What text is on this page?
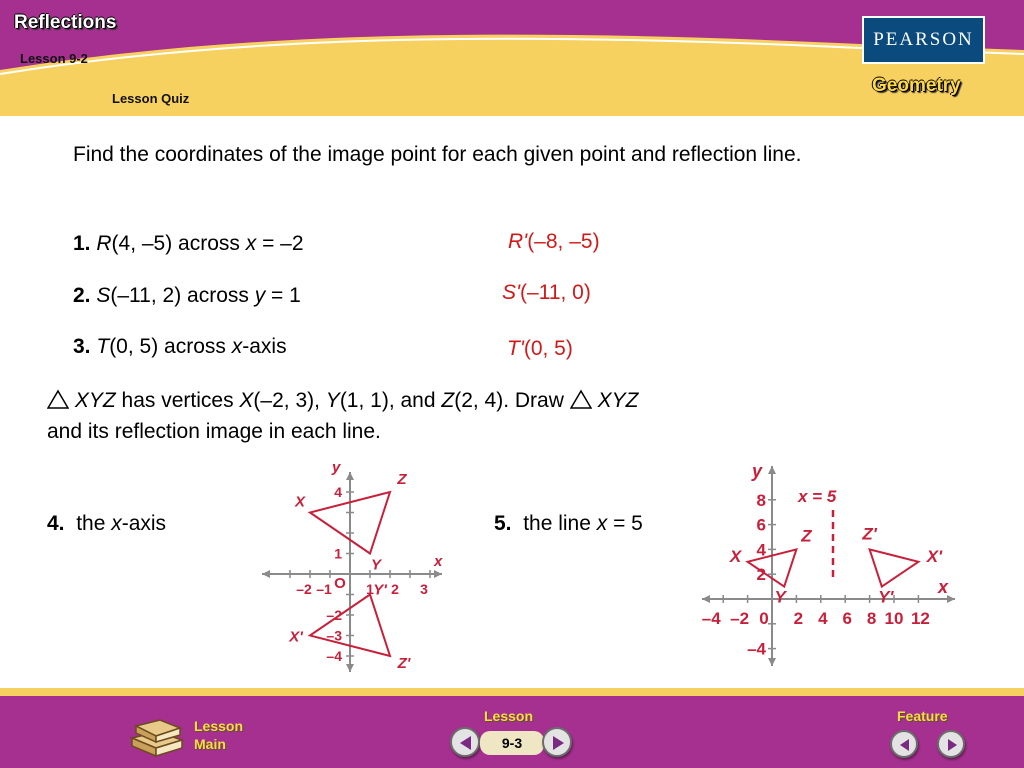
Reflections
Lesson 9-2
Lesson Quiz
PEARSON
Geometry
Find the coordinates of the image point for each given point and reflection line.
1. R(4, –5) across x = –2	R'(–8, –5)
2. S(–11, 2) across y = 1	S'(–11, 0)
3. T(0, 5) across x-axis	T'(0, 5)
XYZ has vertices X(–2, 3), Y(1, 1), and Z(2, 4). Draw  XYZ
and its reflection image in each line.
4. the x-axis	5. the line x = 5
–2 –1 1 2 3
4
1
–2
–3
–4
O
x
y
X
Y
Z
X'
Y'
Z'
–4 –2 0 2 4 6 8 10 12
8
6
4
2
–4
x
y
x = 5
X
Y
Z
X'
Y'
Z'
Lesson
Main
Lesson
9-3
Feature
